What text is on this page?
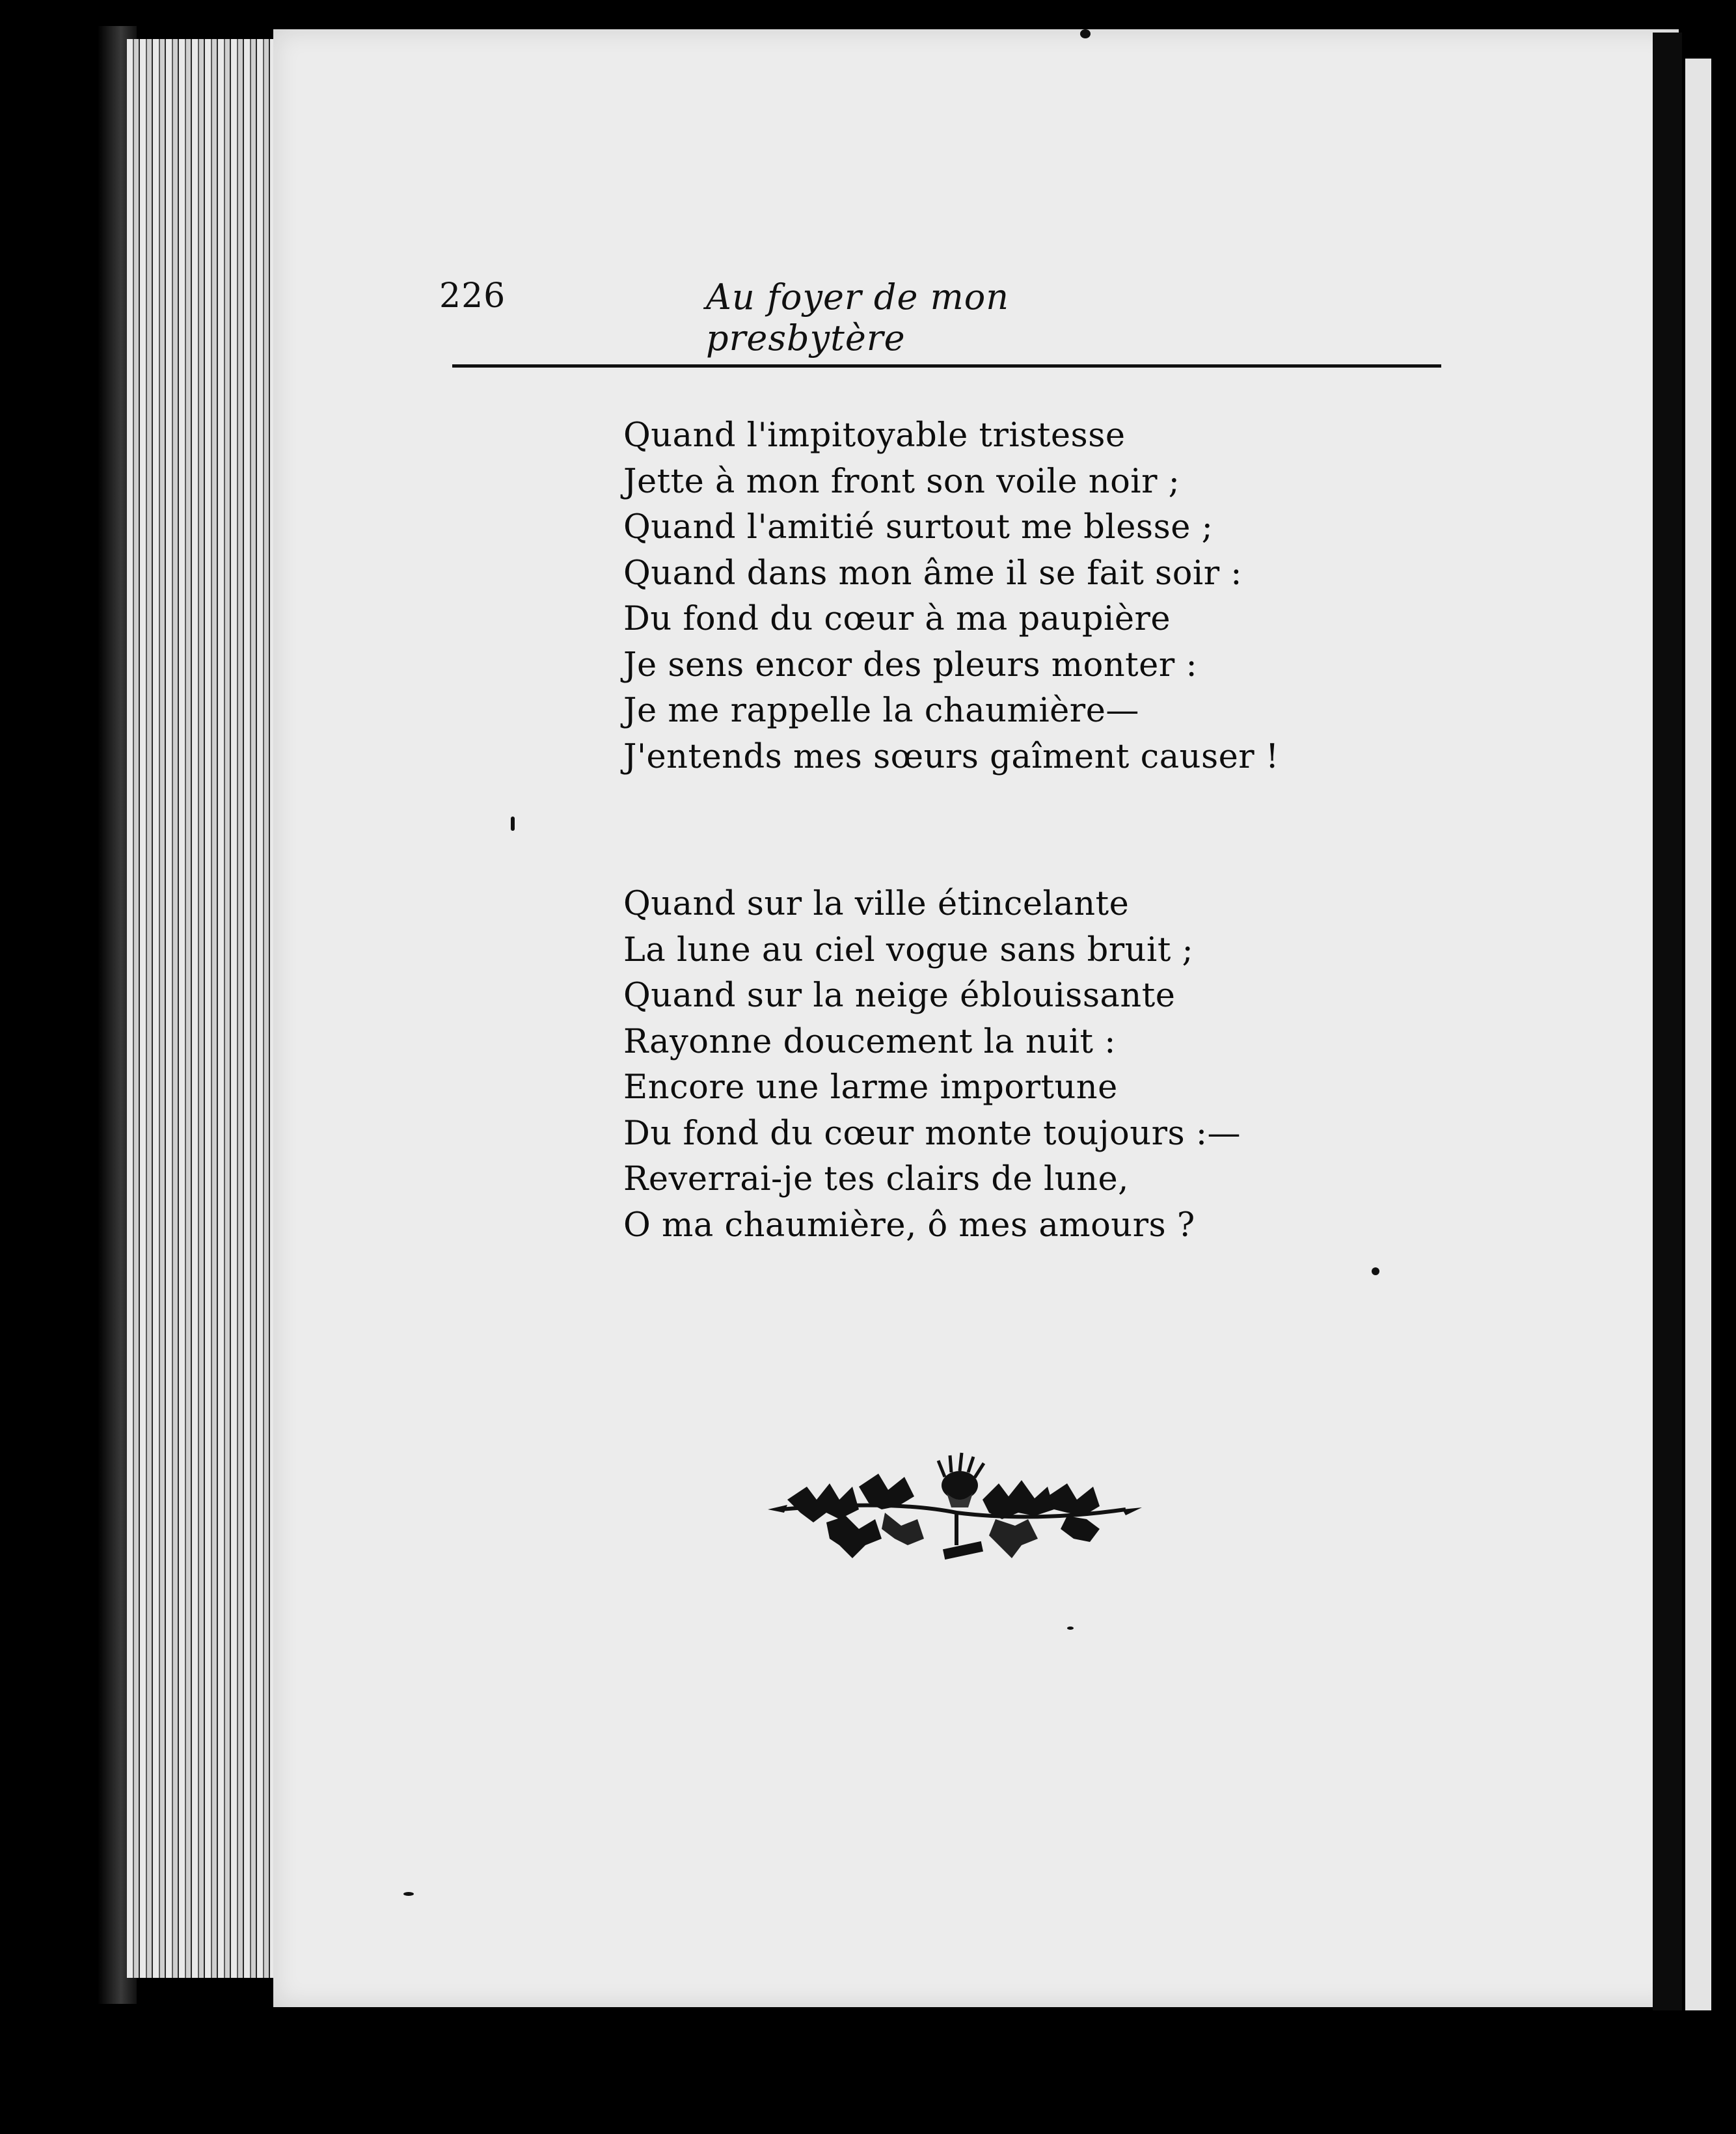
226	Au foyer de mon presbytère
Quand l'impitoyable tristesse
Jette à mon front son voile noir ;
Quand l'amitié surtout me blesse ;
Quand dans mon âme il se fait soir :
Du fond du cœur à ma paupière
Je sens encor des pleurs monter :
Je me rappelle la chaumière—
J'entends mes sœurs gaîment causer !
Quand sur la ville étincelante
La lune au ciel vogue sans bruit ;
Quand sur la neige éblouissante
Rayonne doucement la nuit :
Encore une larme importune
Du fond du cœur monte toujours :—
Reverrai-je tes clairs de lune,
O ma chaumière, ô mes amours ?
